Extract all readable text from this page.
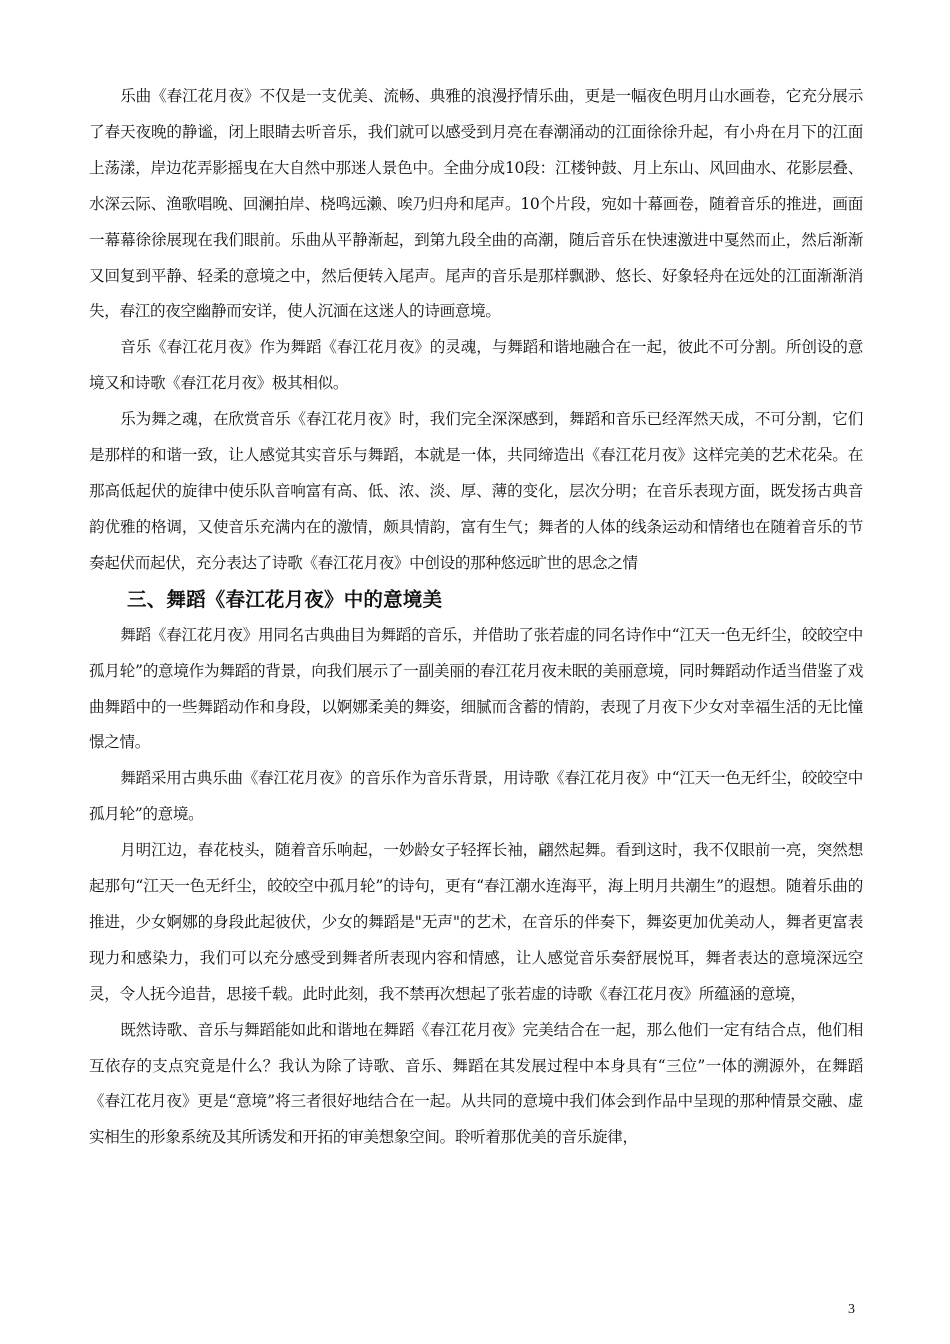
乐曲《春江花月夜》不仅是一支优美、流畅、典雅的浪漫抒情乐曲，更是一幅夜色明月山水画卷，它充分展示了春天夜晚的静谧，闭上眼睛去听音乐，我们就可以感受到月亮在春潮涌动的江面徐徐升起，有小舟在月下的江面上荡漾，岸边花弄影摇曳在大自然中那迷人景色中。全曲分成10段：江楼钟鼓、月上东山、风回曲水、花影层叠、水深云际、渔歌唱晚、回澜拍岸、桡鸣远濑、唉乃归舟和尾声。10个片段，宛如十幕画卷，随着音乐的推进，画面一幕幕徐徐展现在我们眼前。乐曲从平静渐起，到第九段全曲的高潮，随后音乐在快速激进中戛然而止，然后渐渐又回复到平静、轻柔的意境之中，然后便转入尾声。尾声的音乐是那样飘渺、悠长、好象轻舟在远处的江面渐渐消失，春江的夜空幽静而安详，使人沉湎在这迷人的诗画意境。

音乐《春江花月夜》作为舞蹈《春江花月夜》的灵魂，与舞蹈和谐地融合在一起，彼此不可分割。所创设的意境又和诗歌《春江花月夜》极其相似。

乐为舞之魂，在欣赏音乐《春江花月夜》时，我们完全深深感到，舞蹈和音乐已经浑然天成，不可分割，它们是那样的和谐一致，让人感觉其实音乐与舞蹈，本就是一体，共同缔造出《春江花月夜》这样完美的艺术花朵。在那高低起伏的旋律中使乐队音响富有高、低、浓、淡、厚、薄的变化，层次分明；在音乐表现方面，既发扬古典音韵优雅的格调，又使音乐充满内在的激情，颇具情韵，富有生气；舞者的人体的线条运动和情绪也在随着音乐的节奏起伏而起伏，充分表达了诗歌《春江花月夜》中创设的那种悠远旷世的思念之情

三、舞蹈《春江花月夜》中的意境美

舞蹈《春江花月夜》用同名古典曲目为舞蹈的音乐，并借助了张若虚的同名诗作中“江天一色无纤尘，皎皎空中孤月轮”的意境作为舞蹈的背景，向我们展示了一副美丽的春江花月夜未眠的美丽意境，同时舞蹈动作适当借鉴了戏曲舞蹈中的一些舞蹈动作和身段，以婀娜柔美的舞姿，细腻而含蓄的情韵，表现了月夜下少女对幸福生活的无比憧憬之情。

舞蹈采用古典乐曲《春江花月夜》的音乐作为音乐背景，用诗歌《春江花月夜》中“江天一色无纤尘，皎皎空中孤月轮”的意境。

月明江边，春花枝头，随着音乐响起，一妙龄女子轻挥长袖，翩然起舞。看到这时，我不仅眼前一亮，突然想起那句“江天一色无纤尘，皎皎空中孤月轮”的诗句，更有“春江潮水连海平，海上明月共潮生”的遐想。随着乐曲的推进，少女婀娜的身段此起彼伏，少女的舞蹈是"无声"的艺术，在音乐的伴奏下，舞姿更加优美动人，舞者更富表现力和感染力，我们可以充分感受到舞者所表现内容和情感，让人感觉音乐奏舒展悦耳，舞者表达的意境深远空灵，令人抚今追昔，思接千载。此时此刻，我不禁再次想起了张若虚的诗歌《春江花月夜》所蕴涵的意境，

既然诗歌、音乐与舞蹈能如此和谐地在舞蹈《春江花月夜》完美结合在一起，那么他们一定有结合点，他们相互依存的支点究竟是什么？我认为除了诗歌、音乐、舞蹈在其发展过程中本身具有“三位”一体的溯源外，在舞蹈《春江花月夜》更是“意境”将三者很好地结合在一起。从共同的意境中我们体会到作品中呈现的那种情景交融、虚实相生的形象系统及其所诱发和开拓的审美想象空间。聆听着那优美的音乐旋律，

3
